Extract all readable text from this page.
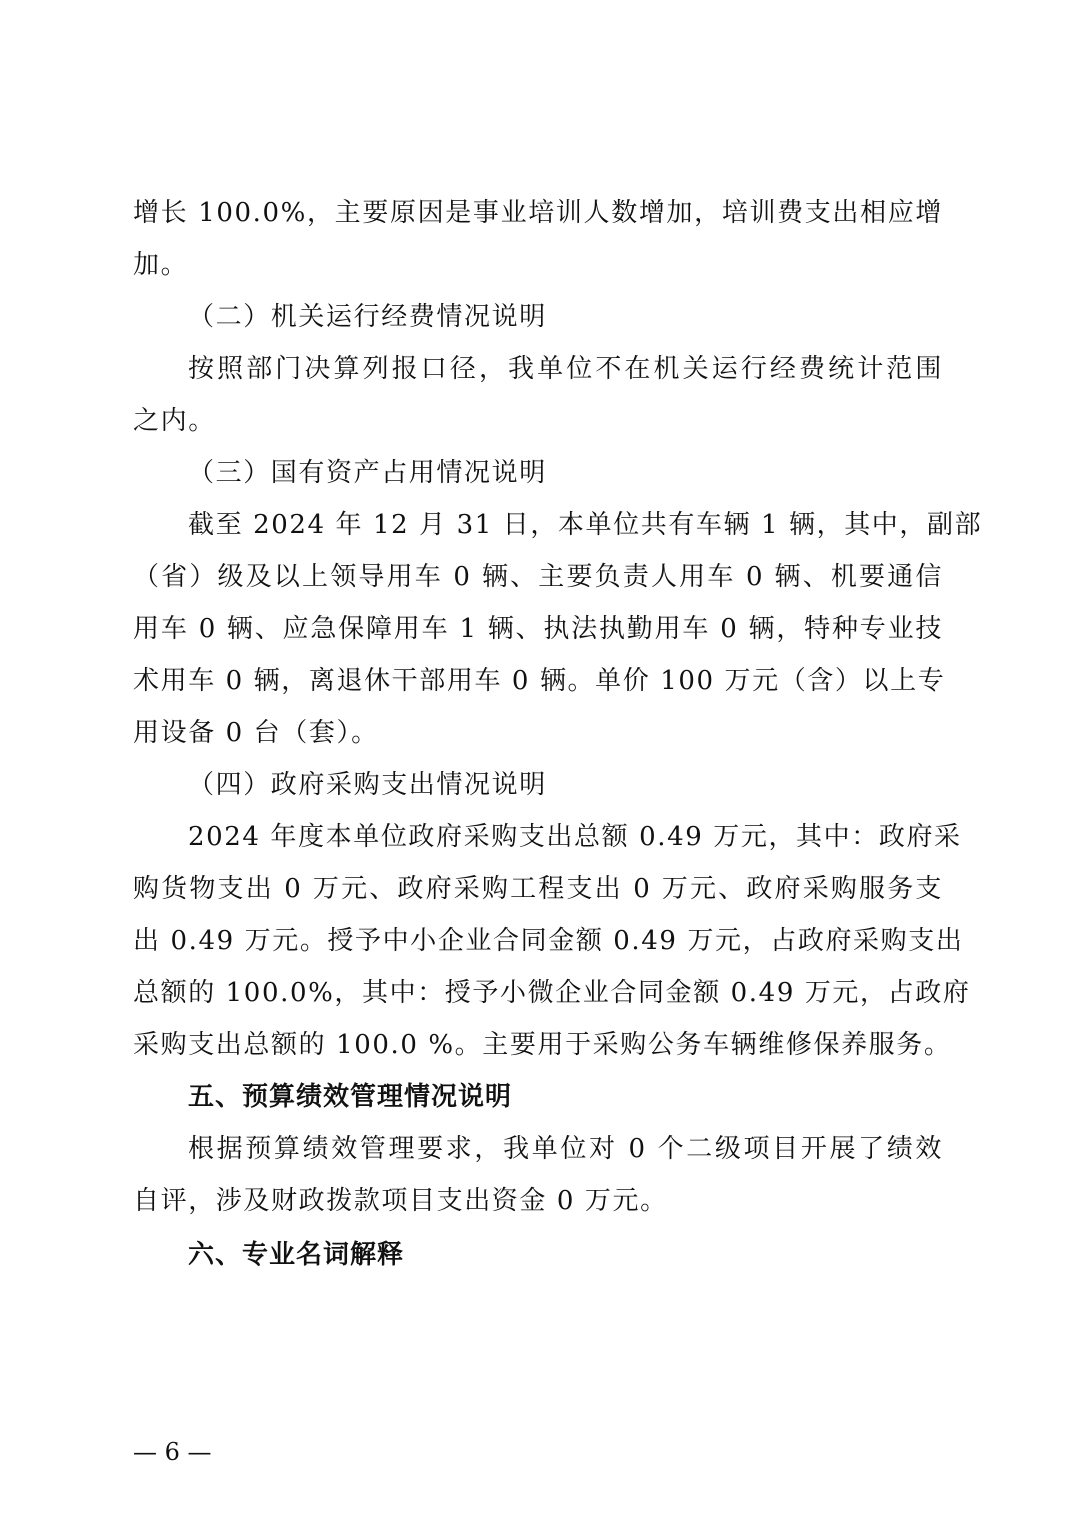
增长 100.0%，主要原因是事业培训人数增加，培训费支出相应增
加。
（二）机关运行经费情况说明
按照部门决算列报口径，我单位不在机关运行经费统计范围
之内。
（三）国有资产占用情况说明
截至 2024 年 12 月 31 日，本单位共有车辆 1 辆，其中，副部
（省）级及以上领导用车 0 辆、主要负责人用车 0 辆、机要通信
用车 0 辆、应急保障用车 1 辆、执法执勤用车 0 辆，特种专业技
术用车 0 辆，离退休干部用车 0 辆。单价 100 万元（含）以上专
用设备 0 台（套）。
（四）政府采购支出情况说明
2024 年度本单位政府采购支出总额 0.49 万元，其中：政府采
购货物支出 0 万元、政府采购工程支出 0 万元、政府采购服务支
出 0.49 万元。授予中小企业合同金额 0.49 万元，占政府采购支出
总额的 100.0%，其中：授予小微企业合同金额 0.49 万元，占政府
采购支出总额的 100.0 %。主要用于采购公务车辆维修保养服务。
五、预算绩效管理情况说明
根据预算绩效管理要求，我单位对 0 个二级项目开展了绩效
自评，涉及财政拨款项目支出资金 0 万元。
六、专业名词解释
— 6 —
